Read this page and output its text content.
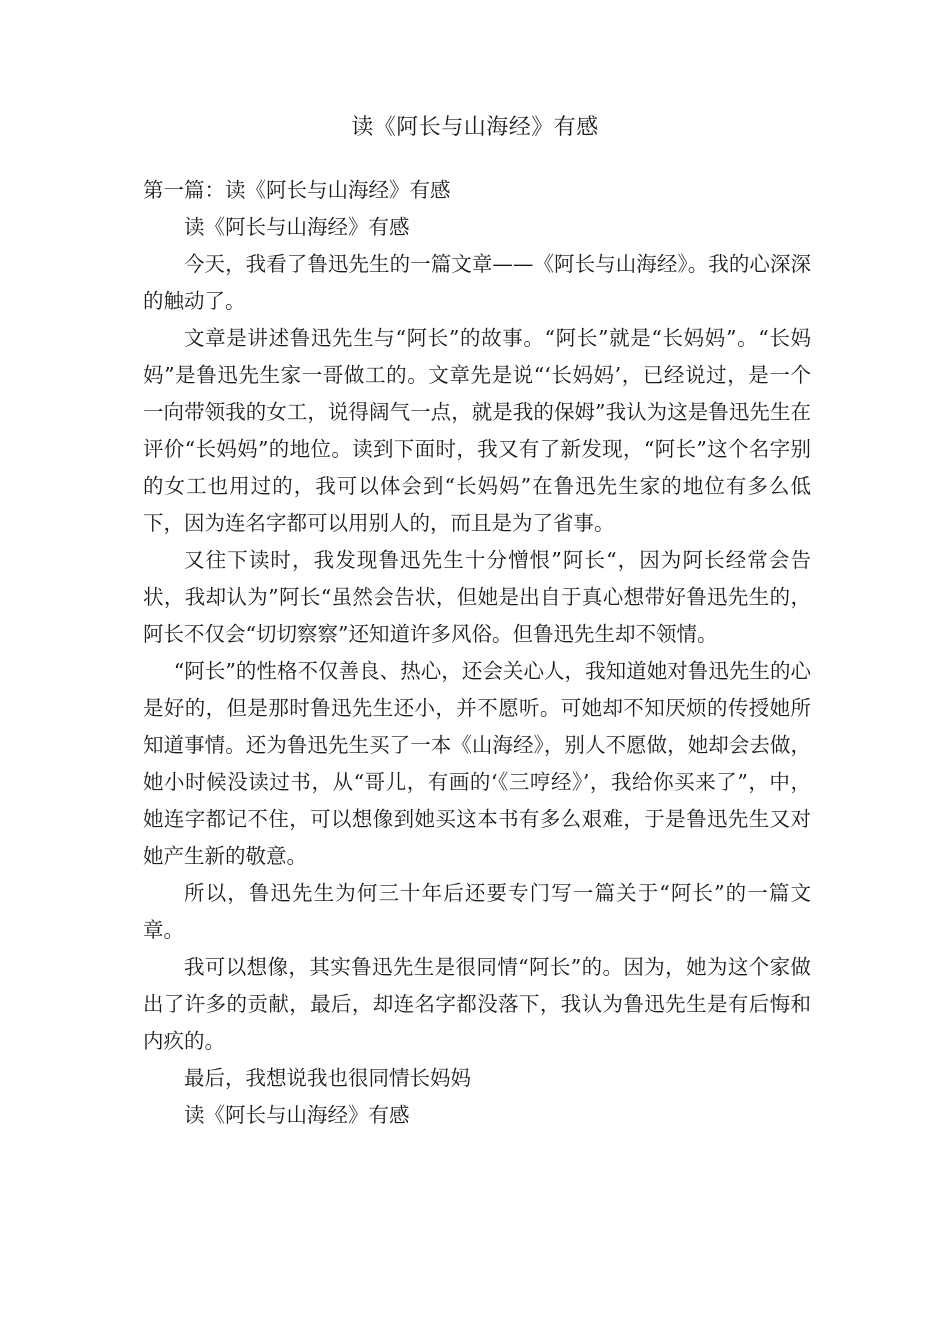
读《阿长与山海经》有感

第一篇：读《阿长与山海经》有感

读《阿长与山海经》有感

今天，我看了鲁迅先生的一篇文章——《阿长与山海经》。我的心深深的触动了。

文章是讲述鲁迅先生与“阿长”的故事。“阿长”就是“长妈妈”。“长妈妈”是鲁迅先生家一哥做工的。文章先是说“‘长妈妈’，已经说过，是一个一向带领我的女工，说得阔气一点，就是我的保姆”我认为这是鲁迅先生在评价“长妈妈”的地位。读到下面时，我又有了新发现，“阿长”这个名字别的女工也用过的，我可以体会到“长妈妈”在鲁迅先生家的地位有多么低下，因为连名字都可以用别人的，而且是为了省事。

又往下读时，我发现鲁迅先生十分憎恨”阿长“，因为阿长经常会告状，我却认为”阿长“虽然会告状，但她是出自于真心想带好鲁迅先生的，阿长不仅会“切切察察”还知道许多风俗。但鲁迅先生却不领情。

“阿长”的性格不仅善良、热心，还会关心人，我知道她对鲁迅先生的心是好的，但是那时鲁迅先生还小，并不愿听。可她却不知厌烦的传授她所知道事情。还为鲁迅先生买了一本《山海经》，别人不愿做，她却会去做，她小时候没读过书，从“哥儿，有画的‘《三哼经》’，我给你买来了”，中，她连字都记不住，可以想像到她买这本书有多么艰难，于是鲁迅先生又对她产生新的敬意。

所以，鲁迅先生为何三十年后还要专门写一篇关于“阿长”的一篇文章。

我可以想像，其实鲁迅先生是很同情“阿长”的。因为，她为这个家做出了许多的贡献，最后，却连名字都没落下，我认为鲁迅先生是有后悔和内疚的。

最后，我想说我也很同情长妈妈

读《阿长与山海经》有感
